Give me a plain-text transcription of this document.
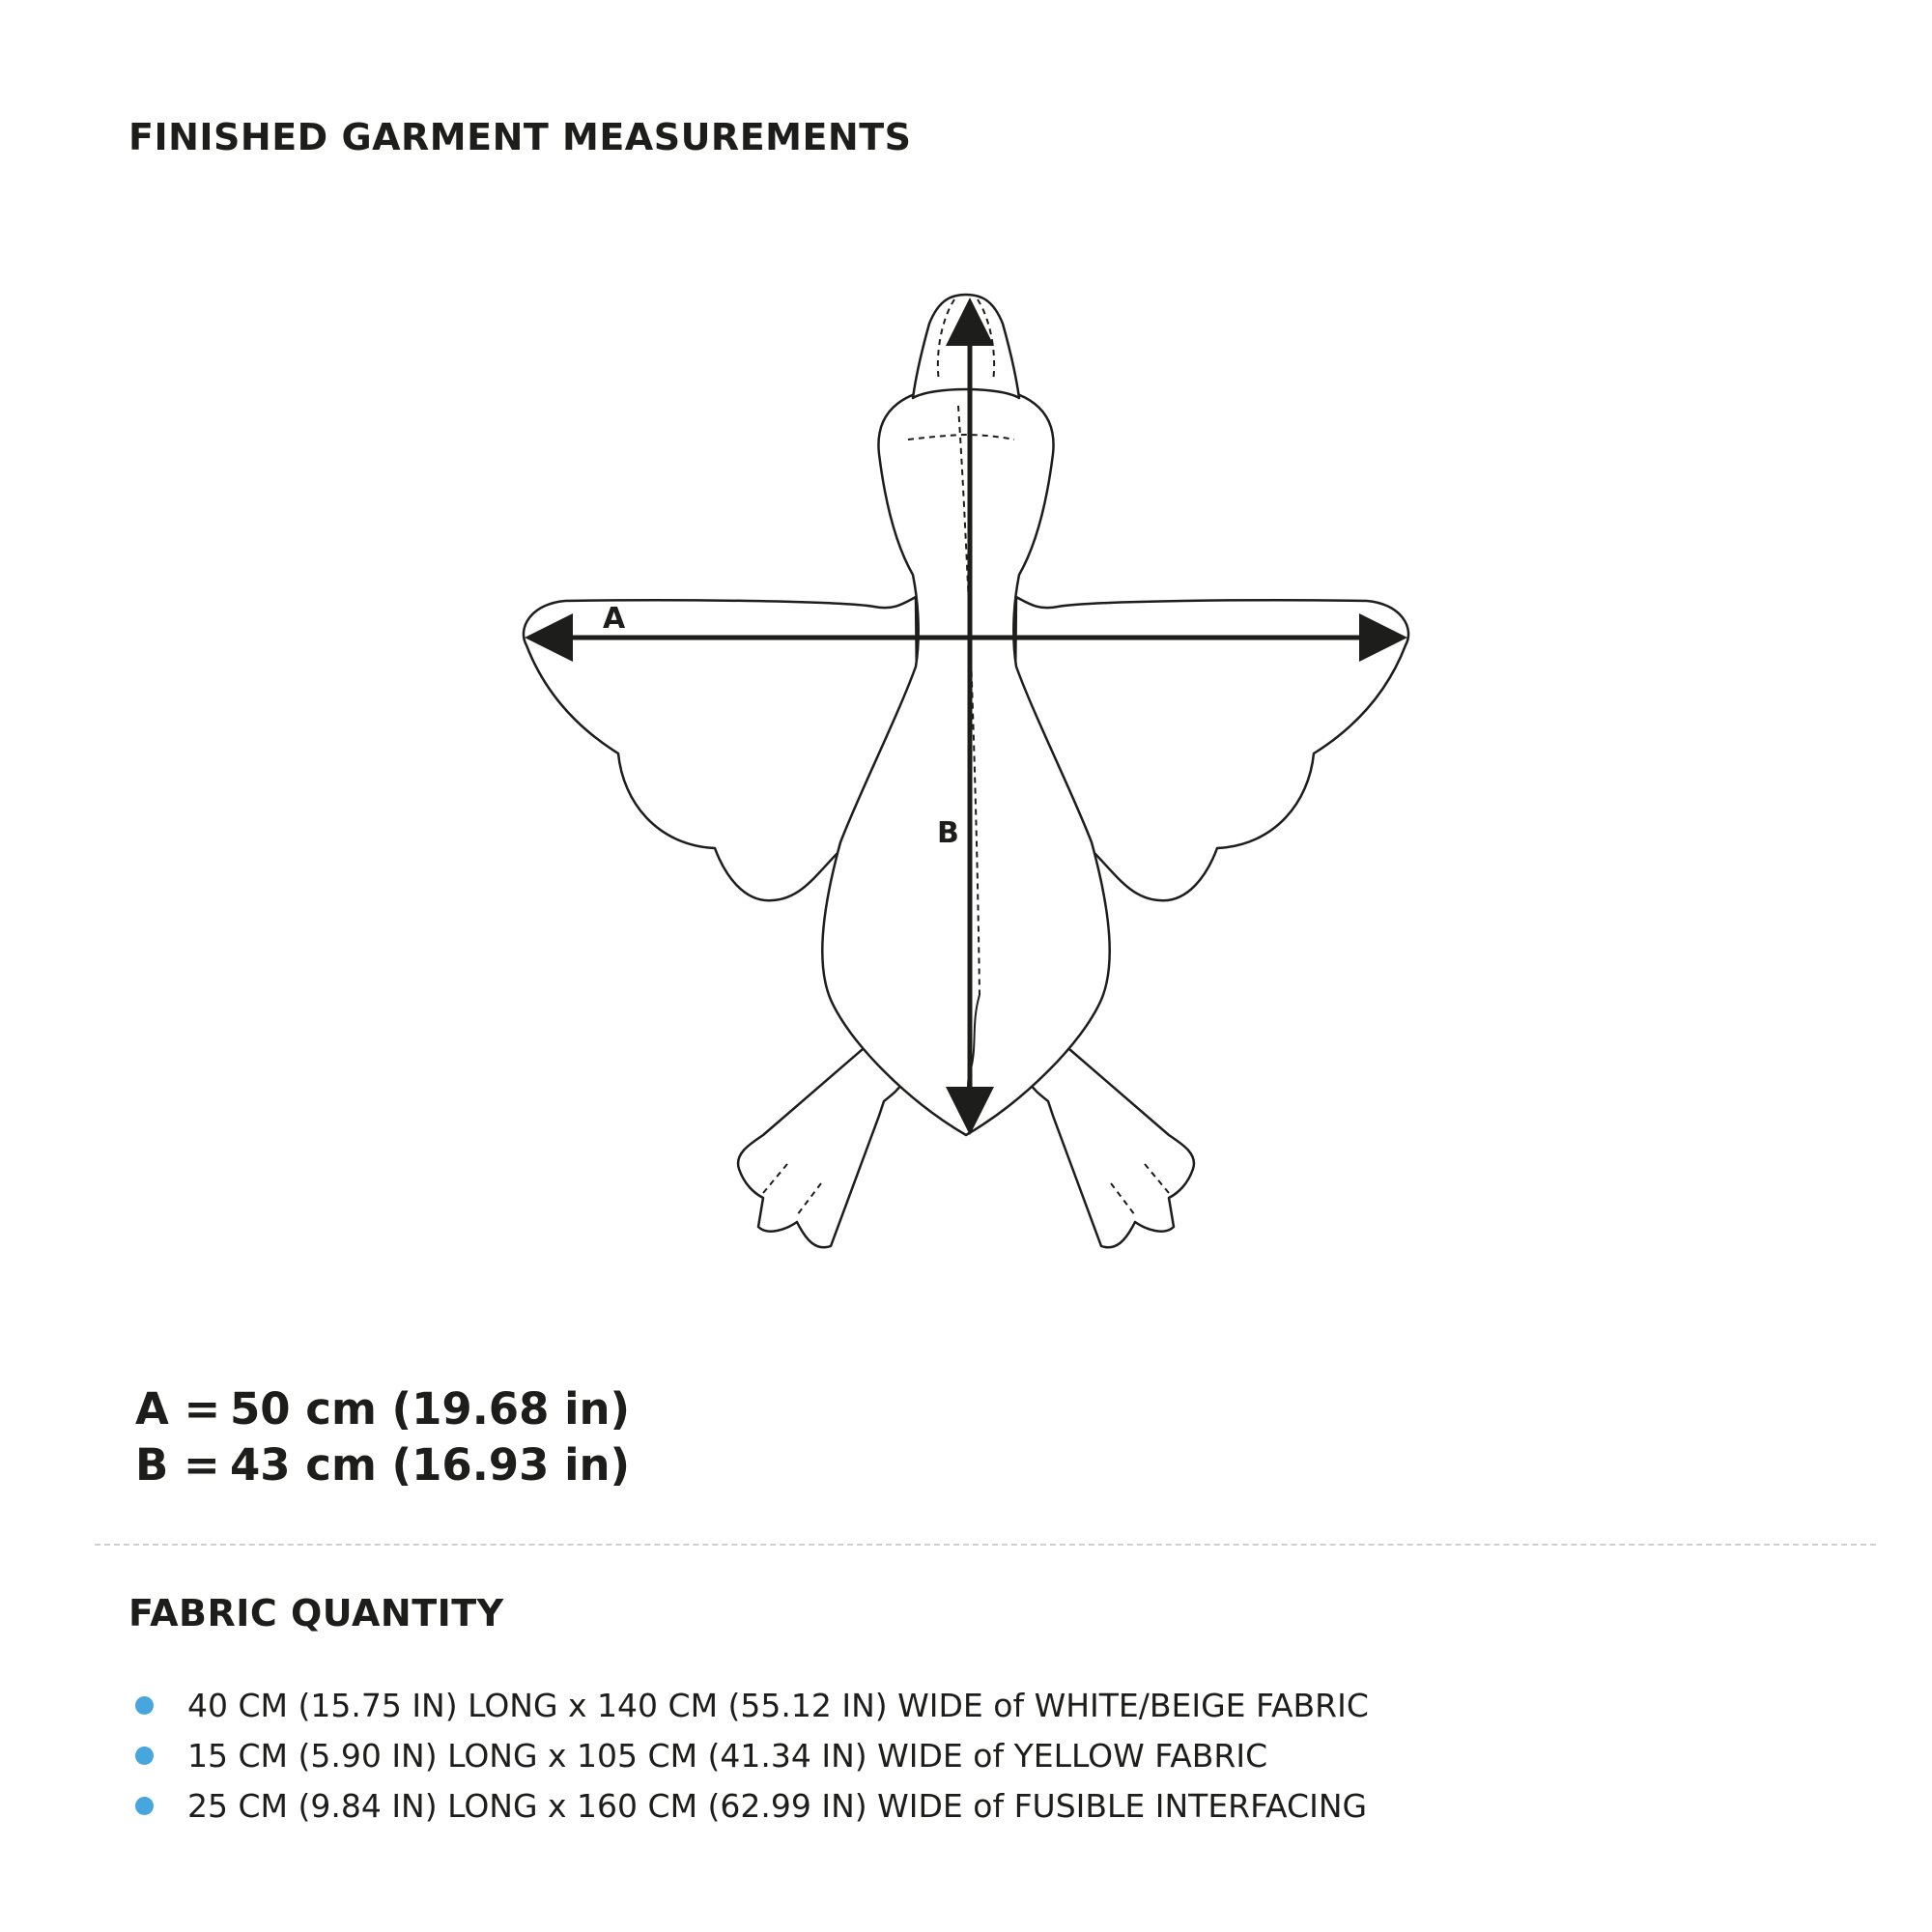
FINISHED GARMENT MEASUREMENTS
A
B
A = 50 cm (19.68 in)
B = 43 cm (16.93 in)
FABRIC QUANTITY
40 CM (15.75 IN) LONG x 140 CM (55.12 IN) WIDE of WHITE/BEIGE FABRIC
15 CM (5.90 IN) LONG x 105 CM (41.34 IN) WIDE of YELLOW FABRIC
25 CM (9.84 IN) LONG x 160 CM (62.99 IN) WIDE of FUSIBLE INTERFACING
